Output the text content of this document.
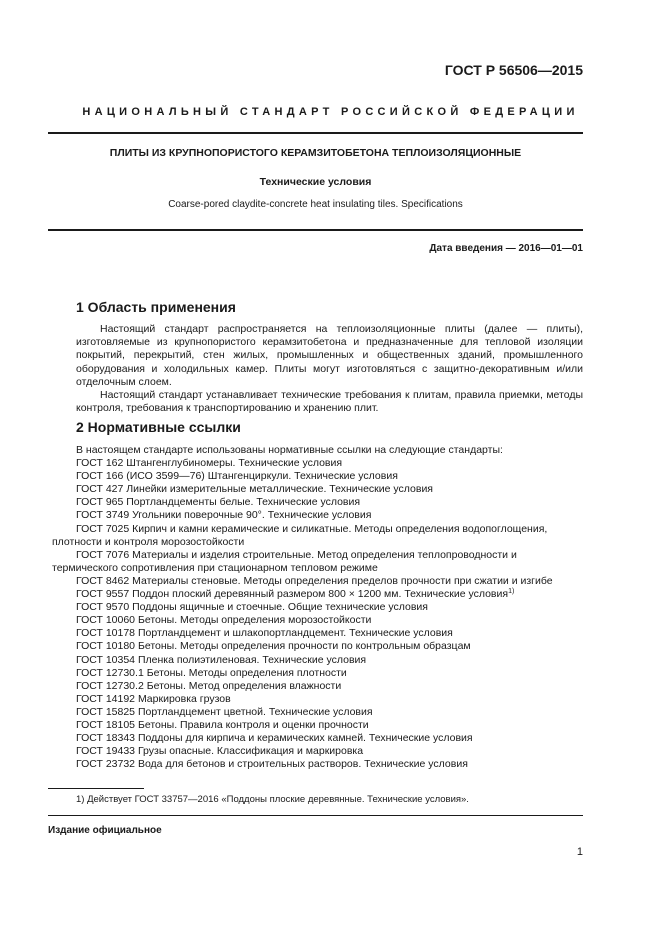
ГОСТ Р 56506—2015
НАЦИОНАЛЬНЫЙ СТАНДАРТ РОССИЙСКОЙ ФЕДЕРАЦИИ
ПЛИТЫ ИЗ КРУПНОПОРИСТОГО КЕРАМЗИТОБЕТОНА ТЕПЛОИЗОЛЯЦИОННЫЕ
Технические условия
Coarse-pored claydite-concrete heat insulating tiles. Specifications
Дата введения — 2016—01—01
1 Область применения

Настоящий стандарт распространяется на теплоизоляционные плиты (далее — плиты), изготовляемые из крупнопористого керамзитобетона и предназначенные для тепловой изоляции покрытий, перекрытий, стен жилых, промышленных и общественных зданий, промышленного оборудования и холодильных камер. Плиты могут изготовляться с защитно-декоративным и/или отделочным слоем.

Настоящий стандарт устанавливает технические требования к плитам, правила приемки, методы контроля, требования к транспортированию и хранению плит.

2 Нормативные ссылки
В настоящем стандарте использованы нормативные ссылки на следующие стандарты:
ГОСТ 162 Штангенглубиномеры. Технические условия
ГОСТ 166 (ИСО 3599—76) Штангенциркули. Технические условия
ГОСТ 427 Линейки измерительные металлические. Технические условия
ГОСТ 965 Портландцементы белые. Технические условия
ГОСТ 3749 Угольники поверочные 90°. Технические условия
ГОСТ 7025 Кирпич и камни керамические и силикатные. Методы определения водопоглощения, плотности и контроля морозостойкости
ГОСТ 7076 Материалы и изделия строительные. Метод определения теплопроводности и термического сопротивления при стационарном тепловом режиме
ГОСТ 8462 Материалы стеновые. Методы определения пределов прочности при сжатии и изгибе
ГОСТ 9557 Поддон плоский деревянный размером 800 × 1200 мм. Технические условия$^{1)}$
ГОСТ 9570 Поддоны ящичные и стоечные. Общие технические условия
ГОСТ 10060 Бетоны. Методы определения морозостойкости
ГОСТ 10178 Портландцемент и шлакопортландцемент. Технические условия
ГОСТ 10180 Бетоны. Методы определения прочности по контрольным образцам
ГОСТ 10354 Пленка полиэтиленовая. Технические условия
ГОСТ 12730.1 Бетоны. Методы определения плотности
ГОСТ 12730.2 Бетоны. Метод определения влажности
ГОСТ 14192 Маркировка грузов
ГОСТ 15825 Портландцемент цветной. Технические условия
ГОСТ 18105 Бетоны. Правила контроля и оценки прочности
ГОСТ 18343 Поддоны для кирпича и керамических камней. Технические условия
ГОСТ 19433 Грузы опасные. Классификация и маркировка
ГОСТ 23732 Вода для бетонов и строительных растворов. Технические условия
1) Действует ГОСТ 33757—2016 «Поддоны плоские деревянные. Технические условия».
Издание официальное
1
